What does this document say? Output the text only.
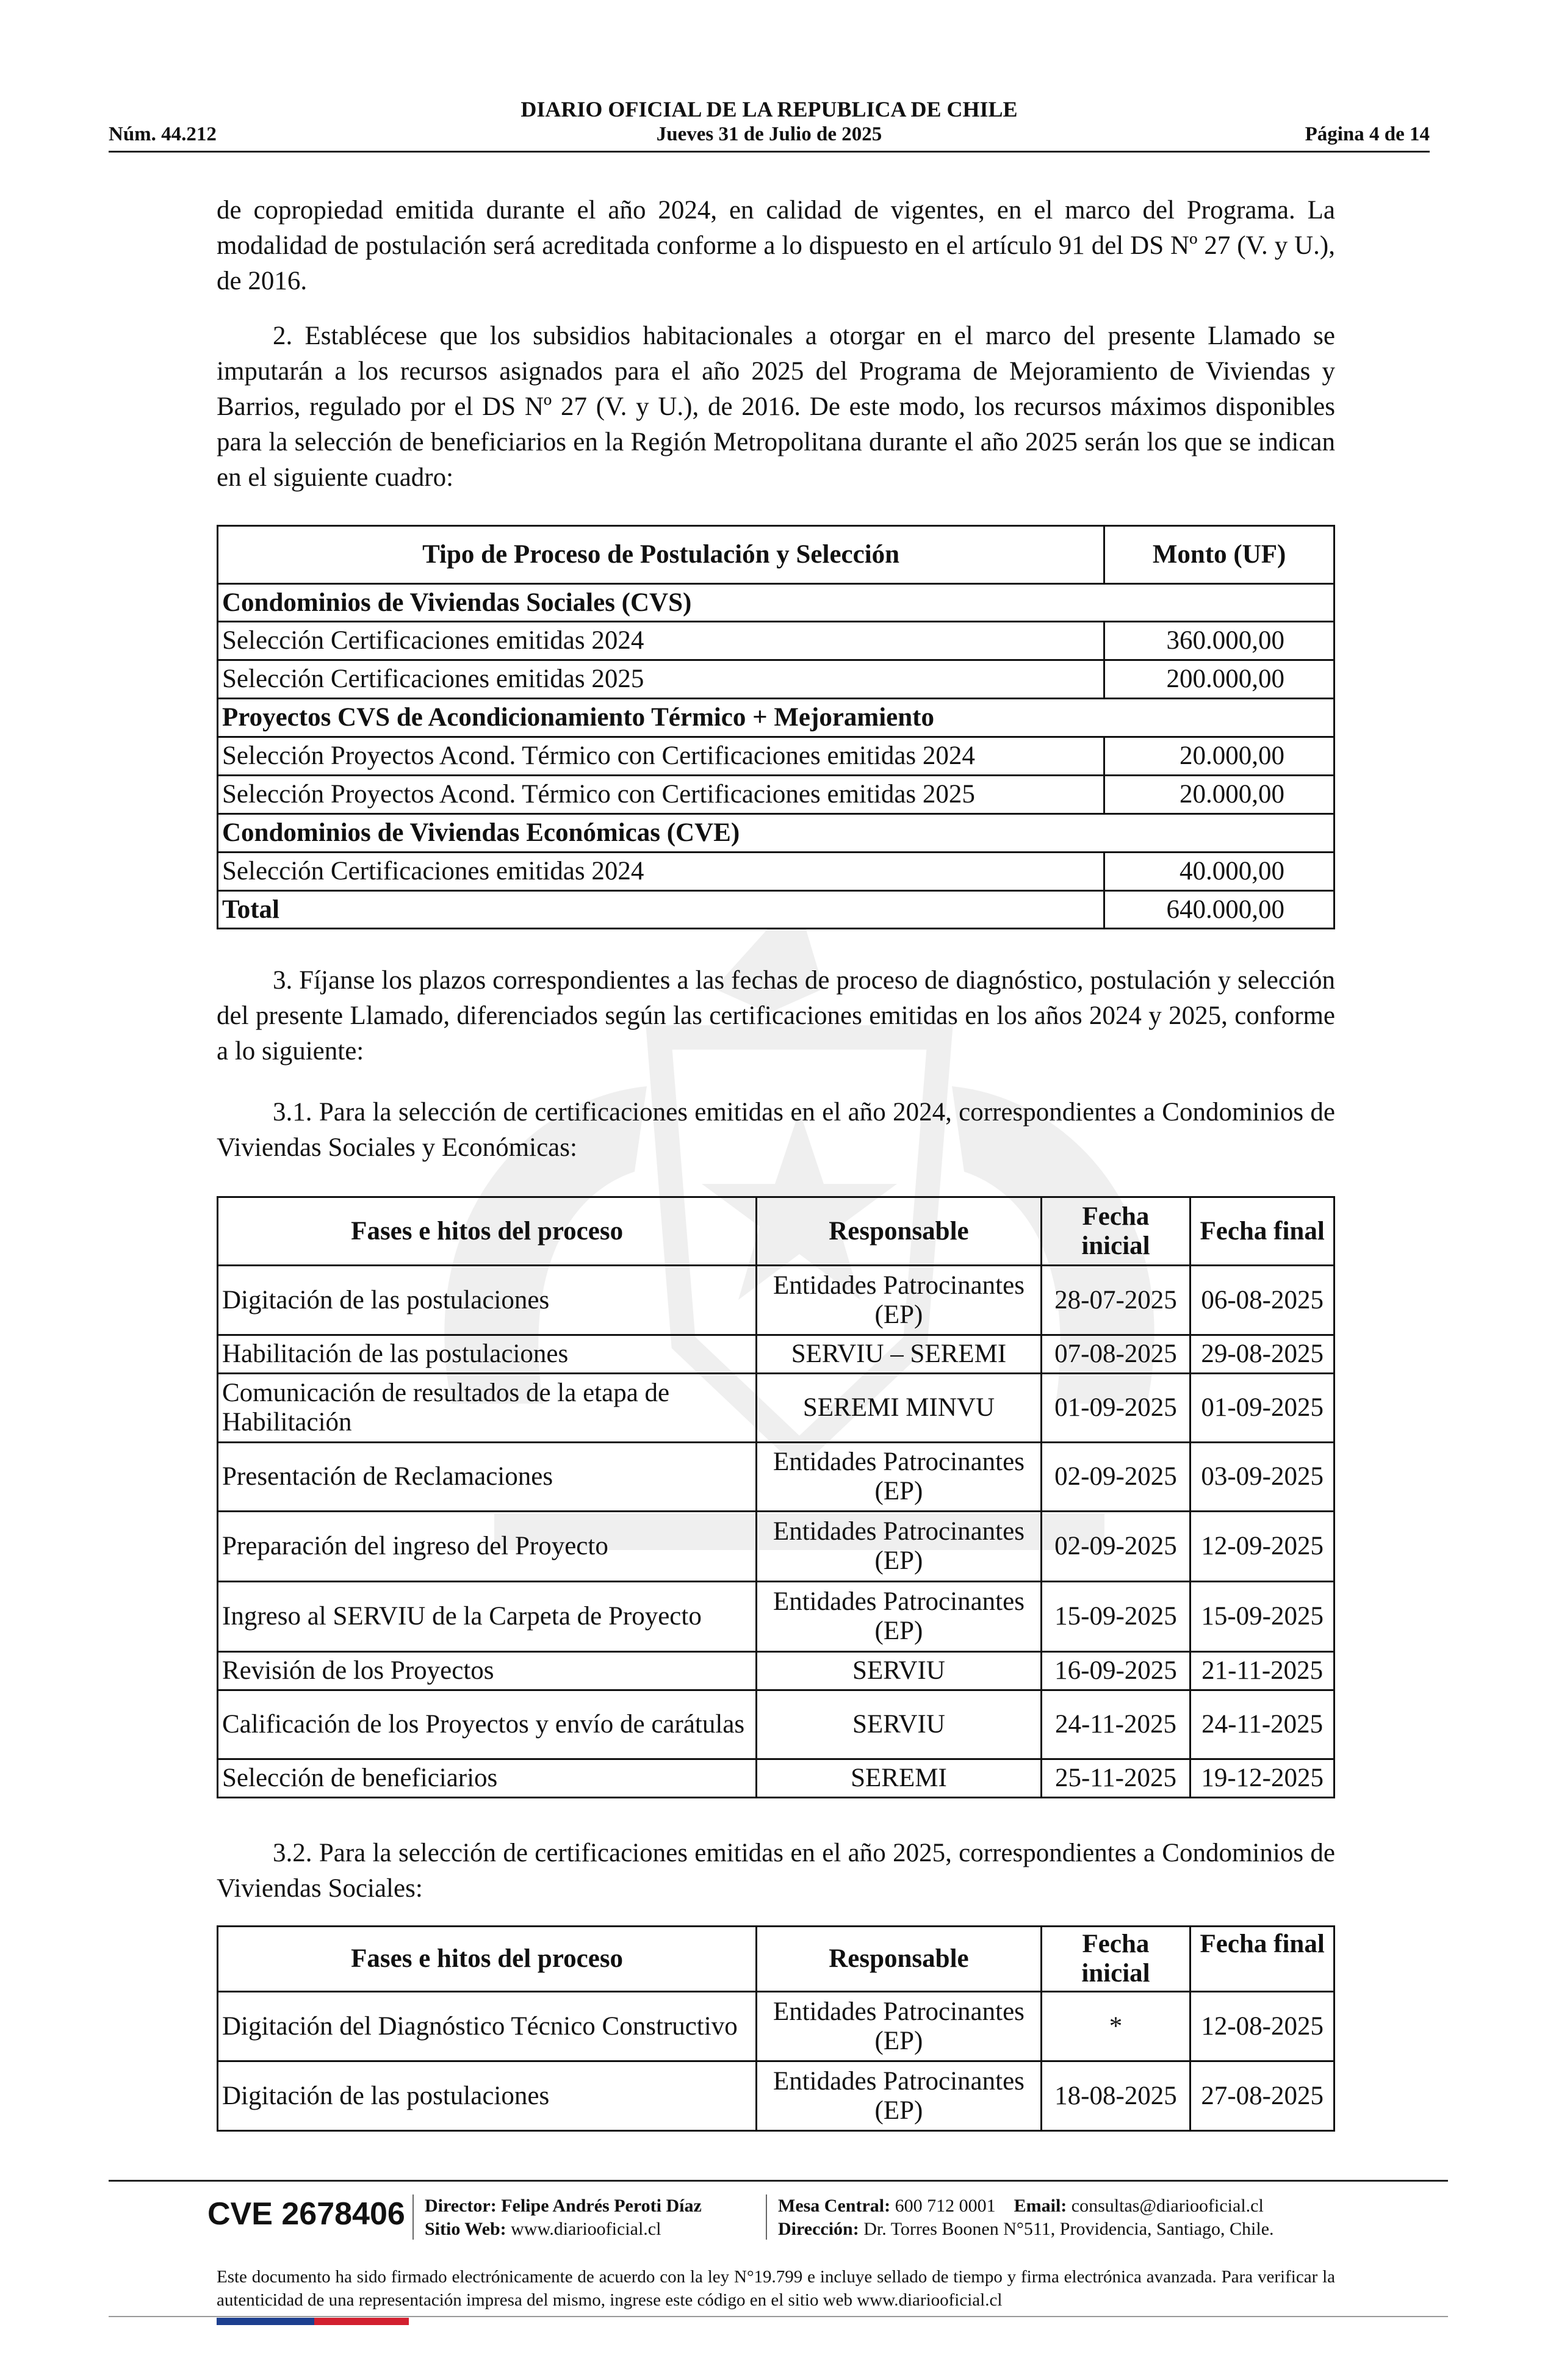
DIARIO OFICIAL DE LA REPUBLICA DE CHILE
Núm. 44.212	Jueves 31 de Julio de 2025	Página 4 de 14
de copropiedad emitida durante el año 2024, en calidad de vigentes, en el marco del Programa. La modalidad de postulación será acreditada conforme a lo dispuesto en el artículo 91 del DS Nº 27 (V. y U.), de 2016.
2. Establécese que los subsidios habitacionales a otorgar en el marco del presente Llamado se imputarán a los recursos asignados para el año 2025 del Programa de Mejoramiento de Viviendas y Barrios, regulado por el DS Nº 27 (V. y U.), de 2016. De este modo, los recursos máximos disponibles para la selección de beneficiarios en la Región Metropolitana durante el año 2025 serán los que se indican en el siguiente cuadro:
Tipo de Proceso de Postulación y Selección	Monto (UF)
Condominios de Viviendas Sociales (CVS)	
Selección Certificaciones emitidas 2024	360.000,00
Selección Certificaciones emitidas 2025	200.000,00
Proyectos CVS de Acondicionamiento Térmico + Mejoramiento	
Selección Proyectos Acond. Térmico con Certificaciones emitidas 2024	20.000,00
Selección Proyectos Acond. Térmico con Certificaciones emitidas 2025	20.000,00
Condominios de Viviendas Económicas (CVE)	
Selección Certificaciones emitidas 2024	40.000,00
Total	640.000,00
3. Fíjanse los plazos correspondientes a las fechas de proceso de diagnóstico, postulación y selección del presente Llamado, diferenciados según las certificaciones emitidas en los años 2024 y 2025, conforme a lo siguiente:
3.1. Para la selección de certificaciones emitidas en el año 2024, correspondientes a Condominios de Viviendas Sociales y Económicas:
Fases e hitos del proceso	Responsable	Fecha inicial	Fecha final
Digitación de las postulaciones	Entidades Patrocinantes (EP)	28-07-2025	06-08-2025
Habilitación de las postulaciones	SERVIU – SEREMI	07-08-2025	29-08-2025
Comunicación de resultados de la etapa de Habilitación	SEREMI MINVU	01-09-2025	01-09-2025
Presentación de Reclamaciones	Entidades Patrocinantes (EP)	02-09-2025	03-09-2025
Preparación del ingreso del Proyecto	Entidades Patrocinantes (EP)	02-09-2025	12-09-2025
Ingreso al SERVIU de la Carpeta de Proyecto	Entidades Patrocinantes (EP)	15-09-2025	15-09-2025
Revisión de los Proyectos	SERVIU	16-09-2025	21-11-2025
Calificación de los Proyectos y envío de carátulas	SERVIU	24-11-2025	24-11-2025
Selección de beneficiarios	SEREMI	25-11-2025	19-12-2025
3.2. Para la selección de certificaciones emitidas en el año 2025, correspondientes a Condominios de Viviendas Sociales:
Fases e hitos del proceso	Responsable	Fecha inicial	Fecha final
Digitación del Diagnóstico Técnico Constructivo	Entidades Patrocinantes (EP)	*	12-08-2025
Digitación de las postulaciones	Entidades Patrocinantes (EP)	18-08-2025	27-08-2025
CVE 2678406 Director: Felipe Andrés Peroti Díaz
Sitio Web: www.diariooficial.cl
Mesa Central: 600 712 0001 Email: consultas@diariooficial.cl
Dirección: Dr. Torres Boonen N°511, Providencia, Santiago, Chile.
Este documento ha sido firmado electrónicamente de acuerdo con la ley N°19.799 e incluye sellado de tiempo y firma electrónica avanzada. Para verificar la autenticidad de una representación impresa del mismo, ingrese este código en el sitio web www.diariooficial.cl
